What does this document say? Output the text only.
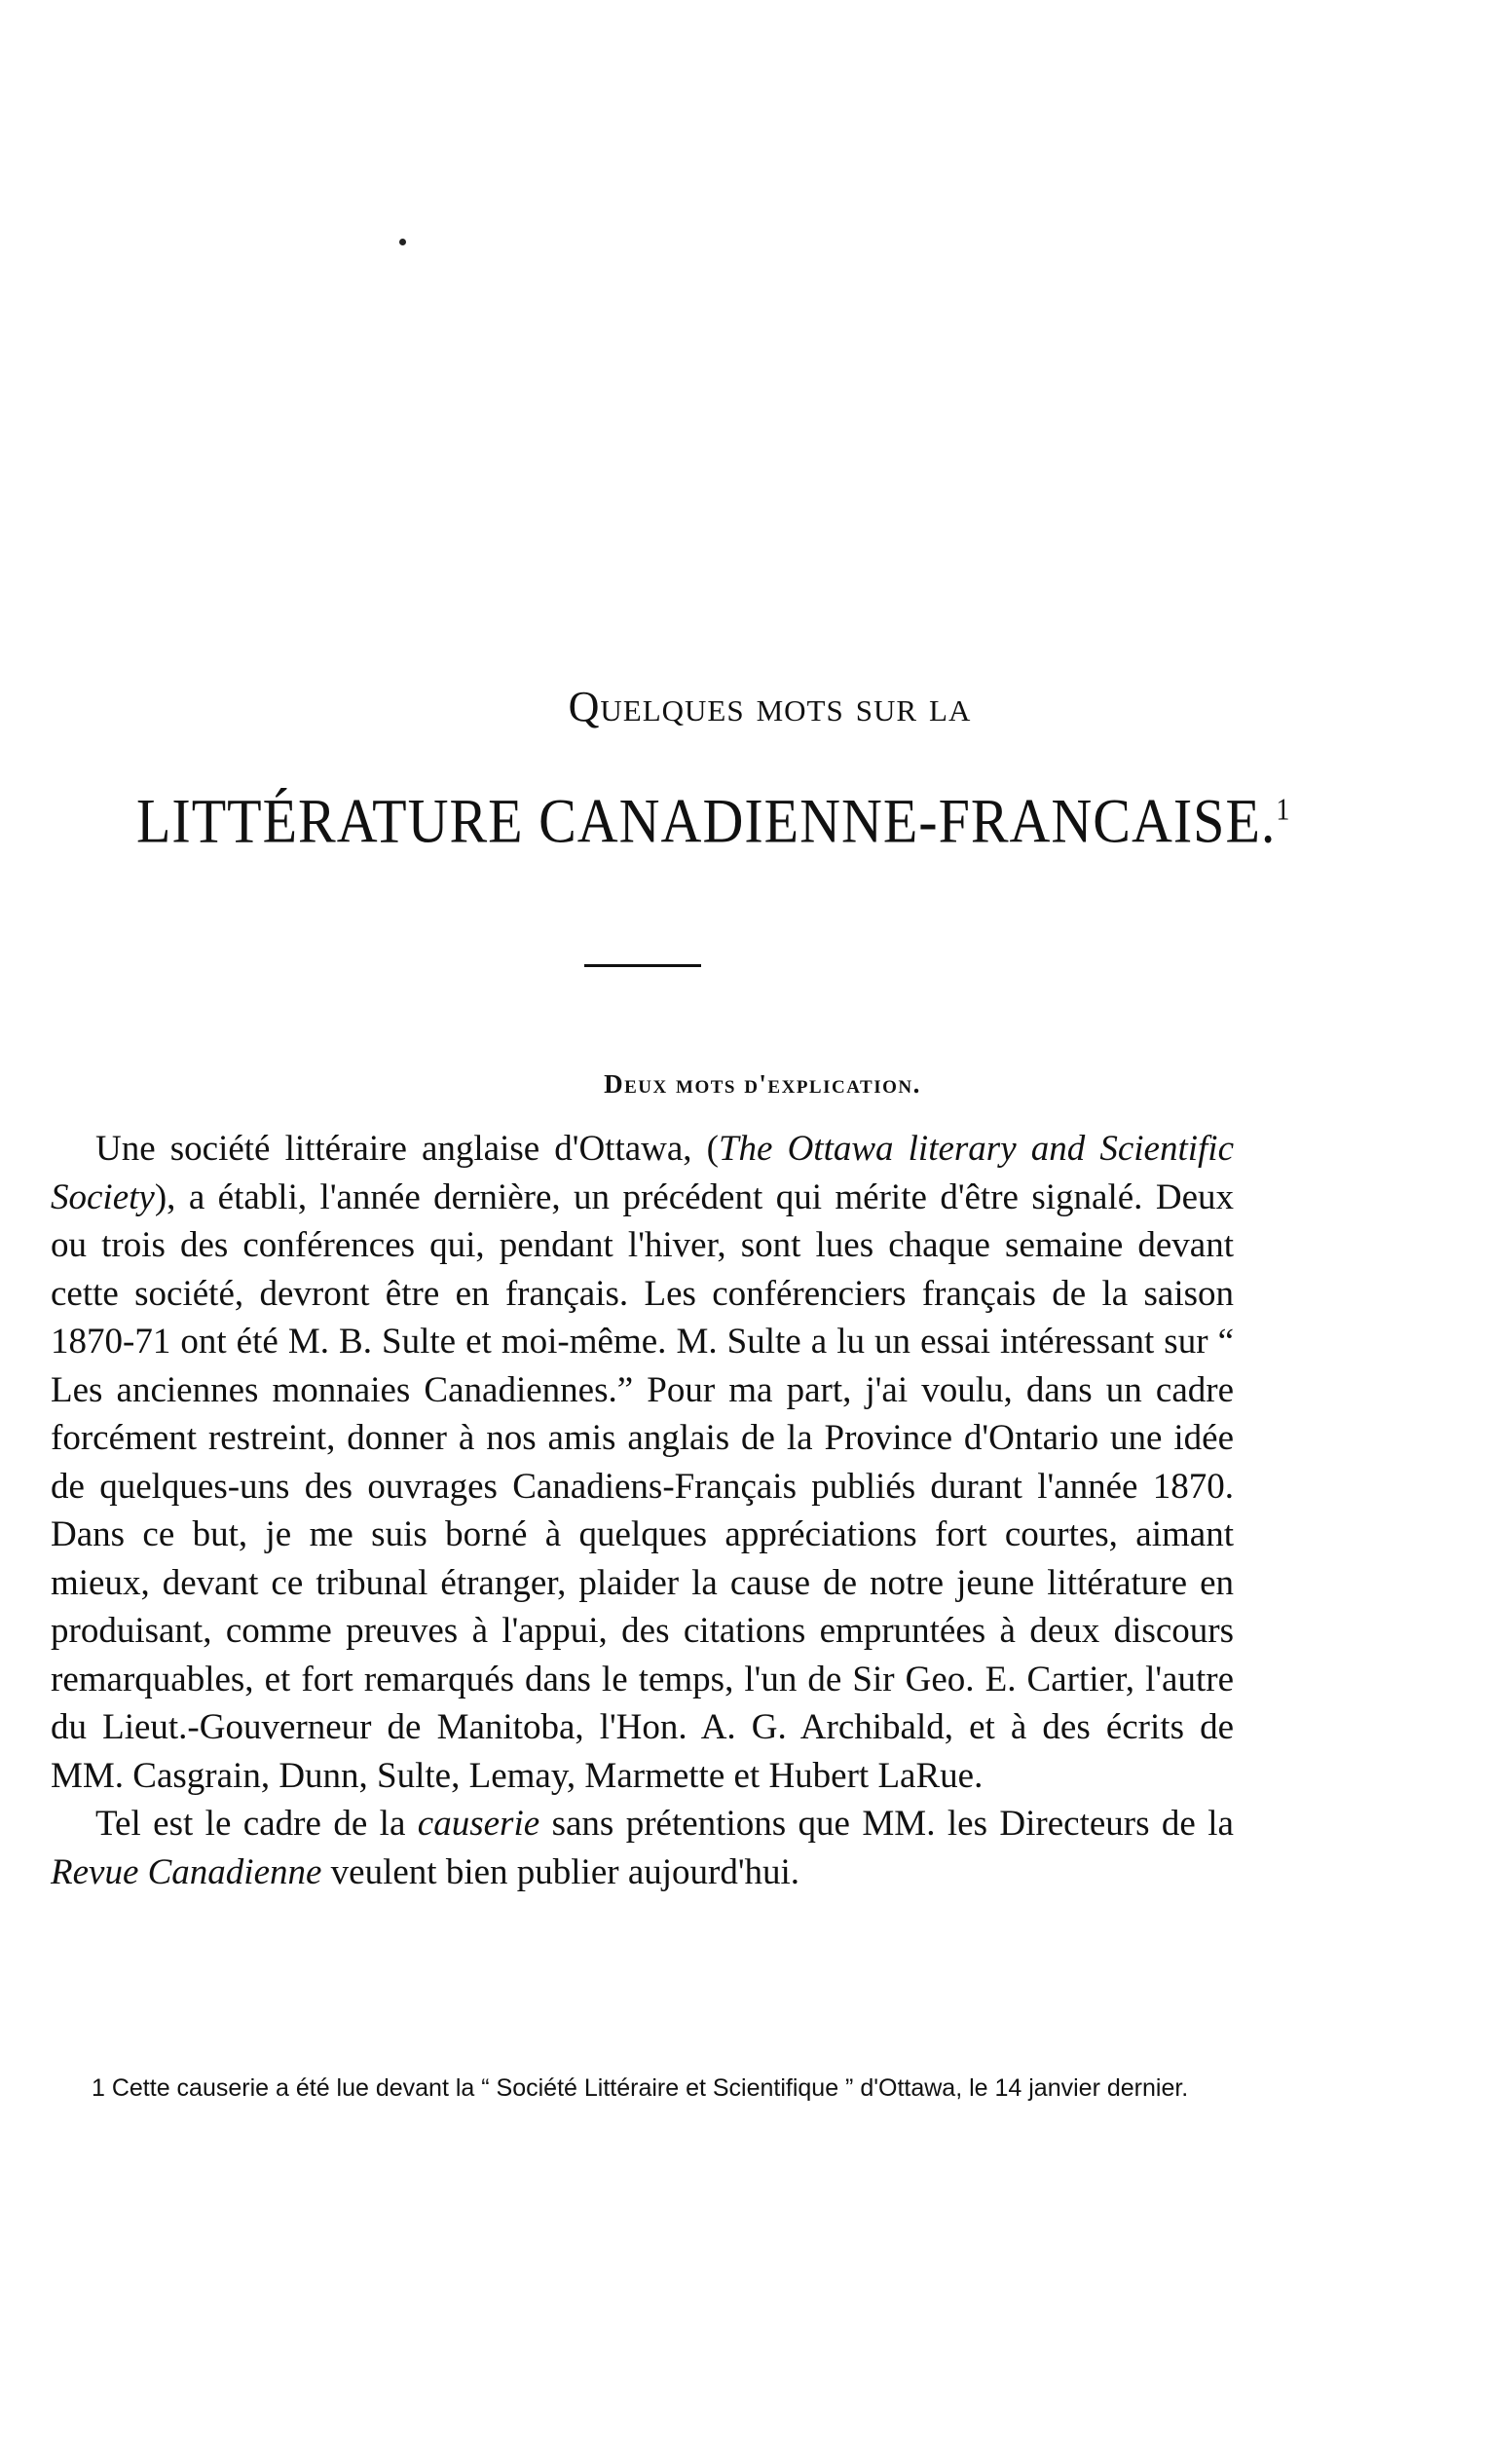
Quelques mots sur la
LITTÉRATURE CANADIENNE-FRANCAISE.$^1$
Deux mots d'explication.

Une société littéraire anglaise d'Ottawa, (The Ottawa literary and Scientific Society), a établi, l'année dernière, un précédent qui mérite d'être signalé. Deux ou trois des conférences qui, pendant l'hiver, sont lues chaque semaine devant cette société, devront être en français. Les conférenciers français de la saison 1870-71 ont été M. B. Sulte et moi-même. M. Sulte a lu un essai intéressant sur “ Les anciennes monnaies Canadiennes.” Pour ma part, j'ai voulu, dans un cadre forcément restreint, donner à nos amis anglais de la Province d'Ontario une idée de quelques-uns des ouvrages Canadiens-Français publiés durant l'année 1870. Dans ce but, je me suis borné à quelques appréciations fort courtes, aimant mieux, devant ce tribunal étranger, plaider la cause de notre jeune littérature en produisant, comme preuves à l'appui, des citations empruntées à deux discours remarquables, et fort remarqués dans le temps, l'un de Sir Geo. E. Cartier, l'autre du Lieut.-Gouverneur de Manitoba, l'Hon. A. G. Archibald, et à des écrits de MM. Casgrain, Dunn, Sulte, Lemay, Marmette et Hubert LaRue.

Tel est le cadre de la causerie sans prétentions que MM. les Directeurs de la Revue Canadienne veulent bien publier aujourd'hui.

1 Cette causerie a été lue devant la “ Société Littéraire et Scientifique ” d'Ottawa, le 14 janvier dernier.
